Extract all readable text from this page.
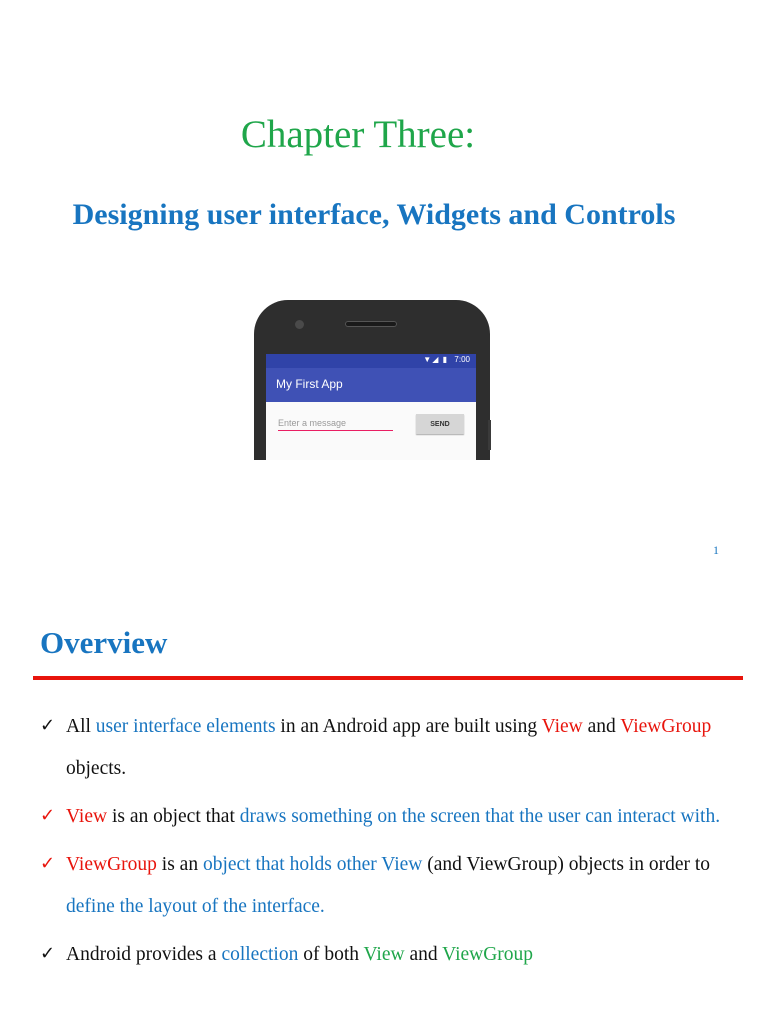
Chapter Three:
Designing user interface, Widgets and Controls
▼◢ ▮ 7:00
My First App
Enter a message
SEND
1
Overview
✓ All user interface elements in an Android app are built using View and ViewGroup objects.
✓ View is an object that draws something on the screen that the user can interact with.
✓ ViewGroup is an object that holds other View (and ViewGroup) objects in order to define the layout of the interface.
✓ Android provides a collection of both View and ViewGroup
